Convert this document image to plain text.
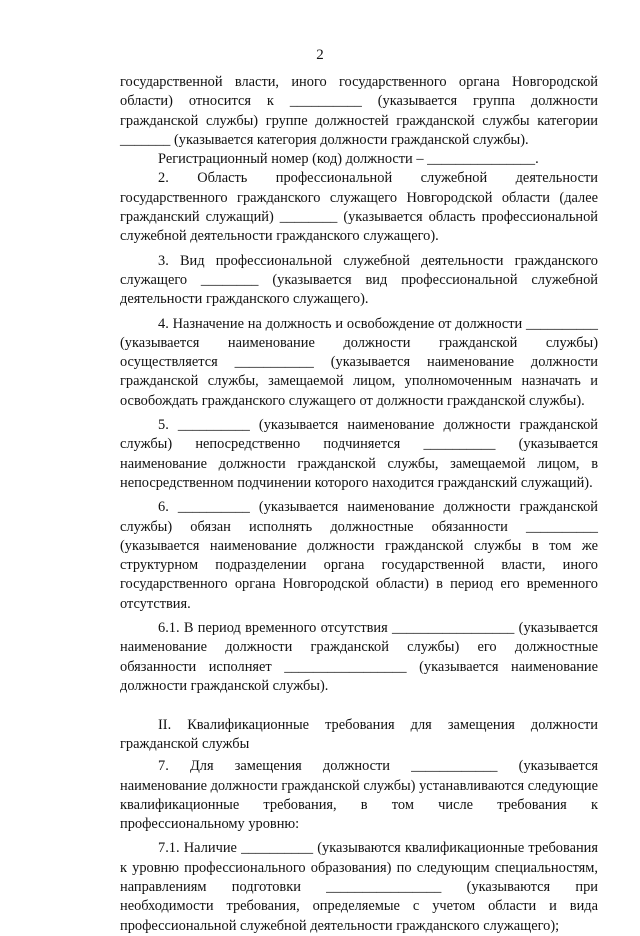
2

государственной власти, иного государственного органа Новгородской области) относится к __________ (указывается группа должности гражданской службы) группе должностей гражданской службы категории _______ (указывается категория должности гражданской службы).

Регистрационный номер (код) должности – _______________.

2. Область профессиональной служебной деятельности государственного гражданского служащего Новгородской области (далее гражданский служащий) ________ (указывается область профессиональной служебной деятельности гражданского служащего).

3. Вид профессиональной служебной деятельности гражданского служащего ________ (указывается вид профессиональной служебной деятельности гражданского служащего).

4. Назначение на должность и освобождение от должности __________ (указывается наименование должности гражданской службы) осуществляется ___________ (указывается наименование должности гражданской службы, замещаемой лицом, уполномоченным назначать и освобождать гражданского служащего от должности гражданской службы).

5. __________ (указывается наименование должности гражданской службы) непосредственно подчиняется __________ (указывается наименование должности гражданской службы, замещаемой лицом, в непосредственном подчинении которого находится гражданский служащий).

6. __________ (указывается наименование должности гражданской службы) обязан исполнять должностные обязанности __________ (указывается наименование должности гражданской службы в том же структурном подразделении органа государственной власти, иного государственного органа Новгородской области) в период его временного отсутствия.

6.1. В период временного отсутствия _________________ (указывается наименование должности гражданской службы) его должностные обязанности исполняет _________________ (указывается наименование должности гражданской службы).

II. Квалификационные требования для замещения должности гражданской службы

7. Для замещения должности ____________ (указывается наименование должности гражданской службы) устанавливаются следующие квалификационные требования, в том числе требования к профессиональному уровню:

7.1. Наличие __________ (указываются квалификационные требования к уровню профессионального образования) по следующим специальностям, направлениям подготовки ________________ (указываются при необходимости требования, определяемые с учетом области и вида профессиональной служебной деятельности гражданского служащего);
